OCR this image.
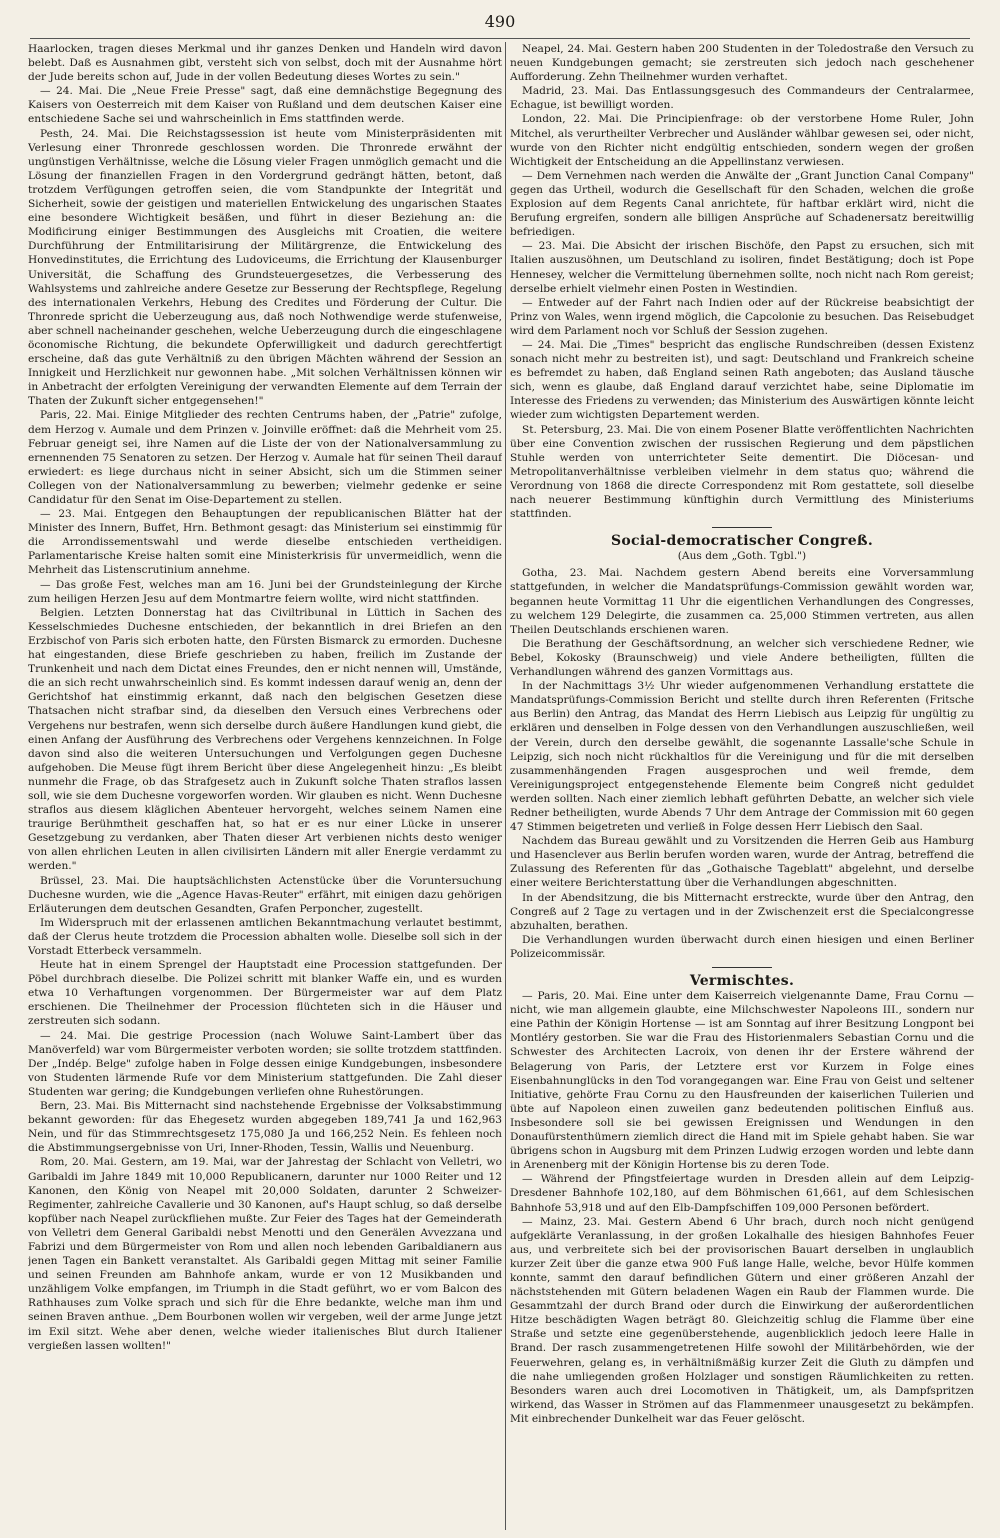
490

Haarlocken, tragen dieses Merkmal und ihr ganzes Denken und Handeln wird davon belebt. Daß es Ausnahmen gibt, versteht sich von selbst, doch mit der Ausnahme hört der Jude bereits schon auf, Jude in der vollen Bedeutung dieses Wortes zu sein."

— 24. Mai. Die „Neue Freie Presse" sagt, daß eine demnächstige Begegnung des Kaisers von Oesterreich mit dem Kaiser von Rußland und dem deutschen Kaiser eine entschiedene Sache sei und wahrscheinlich in Ems stattfinden werde.

Pesth, 24. Mai. Die Reichstagssession ist heute vom Ministerpräsidenten mit Verlesung einer Thronrede geschlossen worden. Die Thronrede erwähnt der ungünstigen Verhältnisse, welche die Lösung vieler Fragen unmöglich gemacht und die Lösung der finanziellen Fragen in den Vordergrund gedrängt hätten, betont, daß trotzdem Verfügungen getroffen seien, die vom Standpunkte der Integrität und Sicherheit, sowie der geistigen und materiellen Entwickelung des ungarischen Staates eine besondere Wichtigkeit besäßen, und führt in dieser Beziehung an: die Modificirung einiger Bestimmungen des Ausgleichs mit Croatien, die weitere Durchführung der Entmilitarisirung der Militärgrenze, die Entwickelung des Honvedinstitutes, die Errichtung des Ludoviceums, die Errichtung der Klausenburger Universität, die Schaffung des Grundsteuergesetzes, die Verbesserung des Wahlsystems und zahlreiche andere Gesetze zur Besserung der Rechtspflege, Regelung des internationalen Verkehrs, Hebung des Credites und Förderung der Cultur. Die Thronrede spricht die Ueberzeugung aus, daß noch Nothwendige werde stufenweise, aber schnell nacheinander geschehen, welche Ueberzeugung durch die eingeschlagene öconomische Richtung, die bekundete Opferwilligkeit und dadurch gerechtfertigt erscheine, daß das gute Verhältniß zu den übrigen Mächten während der Session an Innigkeit und Herzlichkeit nur gewonnen habe. „Mit solchen Verhältnissen können wir in Anbetracht der erfolgten Vereinigung der verwandten Elemente auf dem Terrain der Thaten der Zukunft sicher entgegensehen!"

Paris, 22. Mai. Einige Mitglieder des rechten Centrums haben, der „Patrie" zufolge, dem Herzog v. Aumale und dem Prinzen v. Joinville eröffnet: daß die Mehrheit vom 25. Februar geneigt sei, ihre Namen auf die Liste der von der Nationalversammlung zu ernennenden 75 Senatoren zu setzen. Der Herzog v. Aumale hat für seinen Theil darauf erwiedert: es liege durchaus nicht in seiner Absicht, sich um die Stimmen seiner Collegen von der Nationalversammlung zu bewerben; vielmehr gedenke er seine Candidatur für den Senat im Oise-Departement zu stellen.

— 23. Mai. Entgegen den Behauptungen der republicanischen Blätter hat der Minister des Innern, Buffet, Hrn. Bethmont gesagt: das Ministerium sei einstimmig für die Arrondissementswahl und werde dieselbe entschieden vertheidigen. Parlamentarische Kreise halten somit eine Ministerkrisis für unvermeidlich, wenn die Mehrheit das Listenscrutinium annehme.

— Das große Fest, welches man am 16. Juni bei der Grundsteinlegung der Kirche zum heiligen Herzen Jesu auf dem Montmartre feiern wollte, wird nicht stattfinden.

Belgien. Letzten Donnerstag hat das Civiltribunal in Lüttich in Sachen des Kesselschmiedes Duchesne entschieden, der bekanntlich in drei Briefen an den Erzbischof von Paris sich erboten hatte, den Fürsten Bismarck zu ermorden. Duchesne hat eingestanden, diese Briefe geschrieben zu haben, freilich im Zustande der Trunkenheit und nach dem Dictat eines Freundes, den er nicht nennen will, Umstände, die an sich recht unwahrscheinlich sind. Es kommt indessen darauf wenig an, denn der Gerichtshof hat einstimmig erkannt, daß nach den belgischen Gesetzen diese Thatsachen nicht strafbar sind, da dieselben den Versuch eines Verbrechens oder Vergehens nur bestrafen, wenn sich derselbe durch äußere Handlungen kund giebt, die einen Anfang der Ausführung des Verbrechens oder Vergehens kennzeichnen. In Folge davon sind also die weiteren Untersuchungen und Verfolgungen gegen Duchesne aufgehoben. Die Meuse fügt ihrem Bericht über diese Angelegenheit hinzu: „Es bleibt nunmehr die Frage, ob das Strafgesetz auch in Zukunft solche Thaten straflos lassen soll, wie sie dem Duchesne vorgeworfen worden. Wir glauben es nicht. Wenn Duchesne straflos aus diesem kläglichen Abenteuer hervorgeht, welches seinem Namen eine traurige Berühmtheit geschaffen hat, so hat er es nur einer Lücke in unserer Gesetzgebung zu verdanken, aber Thaten dieser Art verbienen nichts desto weniger von allen ehrlichen Leuten in allen civilisirten Ländern mit aller Energie verdammt zu werden."

Brüssel, 23. Mai. Die hauptsächlichsten Actenstücke über die Voruntersuchung Duchesne wurden, wie die „Agence Havas-Reuter" erfährt, mit einigen dazu gehörigen Erläuterungen dem deutschen Gesandten, Grafen Perponcher, zugestellt.

Im Widerspruch mit der erlassenen amtlichen Bekanntmachung verlautet bestimmt, daß der Clerus heute trotzdem die Procession abhalten wolle. Dieselbe soll sich in der Vorstadt Etterbeck versammeln.

Heute hat in einem Sprengel der Hauptstadt eine Procession stattgefunden. Der Pöbel durchbrach dieselbe. Die Polizei schritt mit blanker Waffe ein, und es wurden etwa 10 Verhaftungen vorgenommen. Der Bürgermeister war auf dem Platz erschienen. Die Theilnehmer der Procession flüchteten sich in die Häuser und zerstreuten sich sodann.

— 24. Mai. Die gestrige Procession (nach Woluwe Saint-Lambert über das Manöverfeld) war vom Bürgermeister verboten worden; sie sollte trotzdem stattfinden. Der „Indép. Belge" zufolge haben in Folge dessen einige Kundgebungen, insbesondere von Studenten lärmende Rufe vor dem Ministerium stattgefunden. Die Zahl dieser Studenten war gering; die Kundgebungen verliefen ohne Ruhestörungen.

Bern, 23. Mai. Bis Mitternacht sind nachstehende Ergebnisse der Volksabstimmung bekannt geworden: für das Ehegesetz wurden abgegeben 189,741 Ja und 162,963 Nein, und für das Stimmrechtsgesetz 175,080 Ja und 166,252 Nein. Es fehleen noch die Abstimmungsergebnisse von Uri, Inner-Rhoden, Tessin, Wallis und Neuenburg.

Rom, 20. Mai. Gestern, am 19. Mai, war der Jahrestag der Schlacht von Velletri, wo Garibaldi im Jahre 1849 mit 10,000 Republicanern, darunter nur 1000 Reiter und 12 Kanonen, den König von Neapel mit 20,000 Soldaten, darunter 2 Schweizer-Regimenter, zahlreiche Cavallerie und 30 Kanonen, auf's Haupt schlug, so daß derselbe kopfüber nach Neapel zurückfliehen mußte. Zur Feier des Tages hat der Gemeinderath von Velletri dem General Garibaldi nebst Menotti und den Generälen Avvezzana und Fabrizi und dem Bürgermeister von Rom und allen noch lebenden Garibaldianern aus jenen Tagen ein Bankett veranstaltet. Als Garibaldi gegen Mittag mit seiner Familie und seinen Freunden am Bahnhofe ankam, wurde er von 12 Musikbanden und unzähligem Volke empfangen, im Triumph in die Stadt geführt, wo er vom Balcon des Rathhauses zum Volke sprach und sich für die Ehre bedankte, welche man ihm und seinen Braven anthue. „Dem Bourbonen wollen wir vergeben, weil der arme Junge jetzt im Exil sitzt. Wehe aber denen, welche wieder italienisches Blut durch Italiener vergießen lassen wollten!"

Neapel, 24. Mai. Gestern haben 200 Studenten in der Toledostraße den Versuch zu neuen Kundgebungen gemacht; sie zerstreuten sich jedoch nach geschehener Aufforderung. Zehn Theilnehmer wurden verhaftet.

Madrid, 23. Mai. Das Entlassungsgesuch des Commandeurs der Centralarmee, Echague, ist bewilligt worden.

London, 22. Mai. Die Principienfrage: ob der verstorbene Home Ruler, John Mitchel, als verurtheilter Verbrecher und Ausländer wählbar gewesen sei, oder nicht, wurde von den Richter nicht endgültig entschieden, sondern wegen der großen Wichtigkeit der Entscheidung an die Appellinstanz verwiesen.

— Dem Vernehmen nach werden die Anwälte der „Grant Junction Canal Company" gegen das Urtheil, wodurch die Gesellschaft für den Schaden, welchen die große Explosion auf dem Regents Canal anrichtete, für haftbar erklärt wird, nicht die Berufung ergreifen, sondern alle billigen Ansprüche auf Schadenersatz bereitwillig befriedigen.

— 23. Mai. Die Absicht der irischen Bischöfe, den Papst zu ersuchen, sich mit Italien auszusöhnen, um Deutschland zu isoliren, findet Bestätigung; doch ist Pope Hennesey, welcher die Vermittelung übernehmen sollte, noch nicht nach Rom gereist; derselbe erhielt vielmehr einen Posten in Westindien.

— Entweder auf der Fahrt nach Indien oder auf der Rückreise beabsichtigt der Prinz von Wales, wenn irgend möglich, die Capcolonie zu besuchen. Das Reisebudget wird dem Parlament noch vor Schluß der Session zugehen.

— 24. Mai. Die „Times" bespricht das englische Rundschreiben (dessen Existenz sonach nicht mehr zu bestreiten ist), und sagt: Deutschland und Frankreich scheine es befremdet zu haben, daß England seinen Rath angeboten; das Ausland täusche sich, wenn es glaube, daß England darauf verzichtet habe, seine Diplomatie im Interesse des Friedens zu verwenden; das Ministerium des Auswärtigen könnte leicht wieder zum wichtigsten Departement werden.

St. Petersburg, 23. Mai. Die von einem Posener Blatte veröffentlichten Nachrichten über eine Convention zwischen der russischen Regierung und dem päpstlichen Stuhle werden von unterrichteter Seite dementirt. Die Diöcesan- und Metropolitanverhältnisse verbleiben vielmehr in dem status quo; während die Verordnung von 1868 die directe Correspondenz mit Rom gestattete, soll dieselbe nach neuerer Bestimmung künftighin durch Vermittlung des Ministeriums stattfinden.

Social-democratischer Congreß.
(Aus dem „Goth. Tgbl.")

Gotha, 23. Mai. Nachdem gestern Abend bereits eine Vorversammlung stattgefunden, in welcher die Mandatsprüfungs-Commission gewählt worden war, begannen heute Vormittag 11 Uhr die eigentlichen Verhandlungen des Congresses, zu welchem 129 Delegirte, die zusammen ca. 25,000 Stimmen vertreten, aus allen Theilen Deutschlands erschienen waren.

Die Berathung der Geschäftsordnung, an welcher sich verschiedene Redner, wie Bebel, Kokosky (Braunschweig) und viele Andere betheiligten, füllten die Verhandlungen während des ganzen Vormittags aus.

In der Nachmittags 3½ Uhr wieder aufgenommenen Verhandlung erstattete die Mandatsprüfungs-Commission Bericht und stellte durch ihren Referenten (Fritsche aus Berlin) den Antrag, das Mandat des Herrn Liebisch aus Leipzig für ungültig zu erklären und denselben in Folge dessen von den Verhandlungen auszuschließen, weil der Verein, durch den derselbe gewählt, die sogenannte Lassalle'sche Schule in Leipzig, sich noch nicht rückhaltlos für die Vereinigung und für die mit derselben zusammenhängenden Fragen ausgesprochen und weil fremde, dem Vereinigungsproject entgegenstehende Elemente beim Congreß nicht geduldet werden sollten. Nach einer ziemlich lebhaft geführten Debatte, an welcher sich viele Redner betheiligten, wurde Abends 7 Uhr dem Antrage der Commission mit 60 gegen 47 Stimmen beigetreten und verließ in Folge dessen Herr Liebisch den Saal.

Nachdem das Bureau gewählt und zu Vorsitzenden die Herren Geib aus Hamburg und Hasenclever aus Berlin berufen worden waren, wurde der Antrag, betreffend die Zulassung des Referenten für das „Gothaische Tageblatt" abgelehnt, und derselbe einer weitere Berichterstattung über die Verhandlungen abgeschnitten.

In der Abendsitzung, die bis Mitternacht erstreckte, wurde über den Antrag, den Congreß auf 2 Tage zu vertagen und in der Zwischenzeit erst die Specialcongresse abzuhalten, berathen.

Die Verhandlungen wurden überwacht durch einen hiesigen und einen Berliner Polizeicommissär.

Vermischtes.

— Paris, 20. Mai. Eine unter dem Kaiserreich vielgenannte Dame, Frau Cornu — nicht, wie man allgemein glaubte, eine Milchschwester Napoleons III., sondern nur eine Pathin der Königin Hortense — ist am Sonntag auf ihrer Besitzung Longpont bei Montléry gestorben. Sie war die Frau des Historienmalers Sebastian Cornu und die Schwester des Architecten Lacroix, von denen ihr der Erstere während der Belagerung von Paris, der Letztere erst vor Kurzem in Folge eines Eisenbahnunglücks in den Tod vorangegangen war. Eine Frau von Geist und seltener Initiative, gehörte Frau Cornu zu den Hausfreunden der kaiserlichen Tuilerien und übte auf Napoleon einen zuweilen ganz bedeutenden politischen Einfluß aus. Insbesondere soll sie bei gewissen Ereignissen und Wendungen in den Donaufürstenthümern ziemlich direct die Hand mit im Spiele gehabt haben. Sie war übrigens schon in Augsburg mit dem Prinzen Ludwig erzogen worden und lebte dann in Arenenberg mit der Königin Hortense bis zu deren Tode.

— Während der Pfingstfeiertage wurden in Dresden allein auf dem Leipzig-Dresdener Bahnhofe 102,180, auf dem Böhmischen 61,661, auf dem Schlesischen Bahnhofe 53,918 und auf den Elb-Dampfschiffen 109,000 Personen befördert.

— Mainz, 23. Mai. Gestern Abend 6 Uhr brach, durch noch nicht genügend aufgeklärte Veranlassung, in der großen Lokalhalle des hiesigen Bahnhofes Feuer aus, und verbreitete sich bei der provisorischen Bauart derselben in unglaublich kurzer Zeit über die ganze etwa 900 Fuß lange Halle, welche, bevor Hülfe kommen konnte, sammt den darauf befindlichen Gütern und einer größeren Anzahl der nächststehenden mit Gütern beladenen Wagen ein Raub der Flammen wurde. Die Gesammtzahl der durch Brand oder durch die Einwirkung der außerordentlichen Hitze beschädigten Wagen beträgt 80. Gleichzeitig schlug die Flamme über eine Straße und setzte eine gegenüberstehende, augenblicklich jedoch leere Halle in Brand. Der rasch zusammengetretenen Hilfe sowohl der Militärbehörden, wie der Feuerwehren, gelang es, in verhältnißmäßig kurzer Zeit die Gluth zu dämpfen und die nahe umliegenden großen Holzlager und sonstigen Räumlichkeiten zu retten. Besonders waren auch drei Locomotiven in Thätigkeit, um, als Dampfspritzen wirkend, das Wasser in Strömen auf das Flammenmeer unausgesetzt zu bekämpfen. Mit einbrechender Dunkelheit war das Feuer gelöscht.
